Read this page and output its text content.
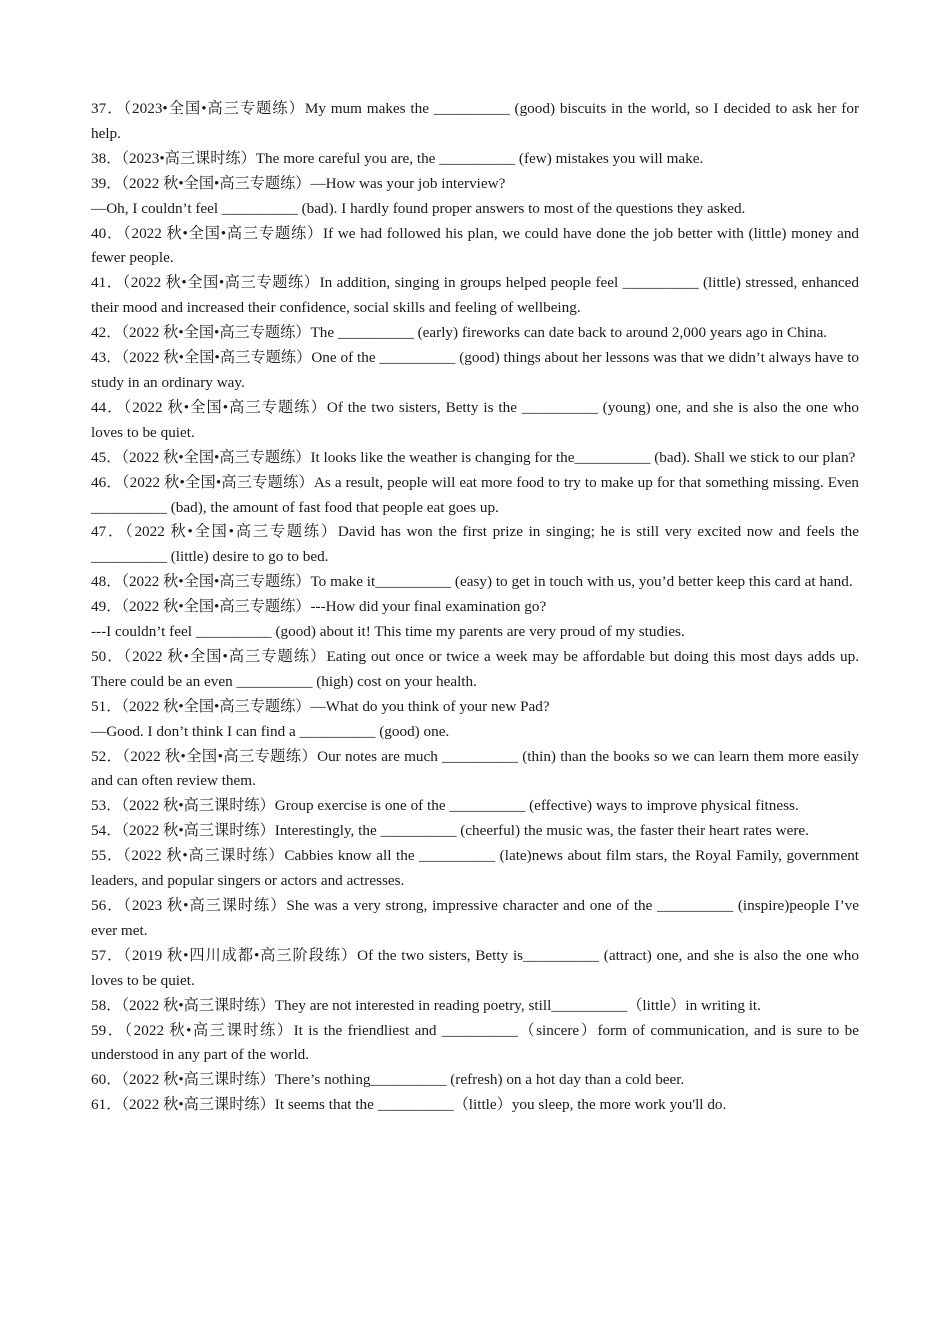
37．（2023•全国•高三专题练）My mum makes the __________ (good) biscuits in the world, so I decided to ask her for help.
38．（2023•高三课时练）The more careful you are, the __________ (few) mistakes you will make.
39．（2022 秋•全国•高三专题练）—How was your job interview?
—Oh, I couldn’t feel __________ (bad). I hardly found proper answers to most of the questions they asked.
40．（2022 秋•全国•高三专题练）If we had followed his plan, we could have done the job better with (little) money and fewer people.
41．（2022 秋•全国•高三专题练）In addition, singing in groups helped people feel __________ (little) stressed, enhanced their mood and increased their confidence, social skills and feeling of wellbeing.
42．（2022 秋•全国•高三专题练）The __________ (early) fireworks can date back to around 2,000 years ago in China.
43．（2022 秋•全国•高三专题练）One of the __________ (good) things about her lessons was that we didn’t always have to study in an ordinary way.
44．（2022 秋•全国•高三专题练）Of the two sisters, Betty is the __________ (young) one, and she is also the one who loves to be quiet.
45．（2022 秋•全国•高三专题练）It looks like the weather is changing for the__________ (bad). Shall we stick to our plan?
46．（2022 秋•全国•高三专题练）As a result, people will eat more food to try to make up for that something missing. Even __________ (bad), the amount of fast food that people eat goes up.
47．（2022 秋•全国•高三专题练）David has won the first prize in singing; he is still very excited now and feels the __________ (little) desire to go to bed.
48．（2022 秋•全国•高三专题练）To make it__________ (easy) to get in touch with us, you’d better keep this card at hand.
49．（2022 秋•全国•高三专题练）---How did your final examination go?
---I couldn’t feel __________ (good) about it! This time my parents are very proud of my studies.
50．（2022 秋•全国•高三专题练）Eating out once or twice a week may be affordable but doing this most days adds up. There could be an even __________ (high) cost on your health.
51．（2022 秋•全国•高三专题练）—What do you think of your new Pad?
—Good. I don’t think I can find a __________ (good) one.
52．（2022 秋•全国•高三专题练）Our notes are much __________ (thin) than the books so we can learn them more easily and can often review them.
53．（2022 秋•高三课时练）Group exercise is one of the __________ (effective) ways to improve physical fitness.
54．（2022 秋•高三课时练）Interestingly, the __________ (cheerful) the music was, the faster their heart rates were.
55．（2022 秋•高三课时练）Cabbies know all the __________ (late)news about film stars, the Royal Family, government leaders, and popular singers or actors and actresses.
56．（2023 秋•高三课时练）She was a very strong, impressive character and one of the __________ (inspire)people I’ve ever met.
57．（2019 秋•四川成都•高三阶段练）Of the two sisters, Betty is__________ (attract) one, and she is also the one who loves to be quiet.
58．（2022 秋•高三课时练）They are not interested in reading poetry, still__________（little）in writing it.
59．（2022 秋•高三课时练）It is the friendliest and __________（sincere）form of communication, and is sure to be understood in any part of the world.
60．（2022 秋•高三课时练）There’s nothing__________ (refresh) on a hot day than a cold beer.
61．（2022 秋•高三课时练）It seems that the __________（little）you sleep, the more work you'll do.
